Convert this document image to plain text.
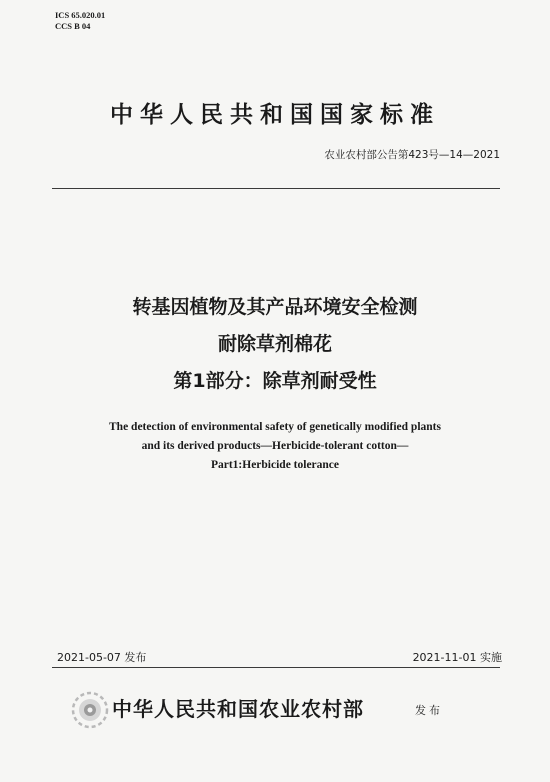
ICS 65.020.01
CCS B 04
中华人民共和国国家标准
农业农村部公告第423号—14—2021
转基因植物及其产品环境安全检测
耐除草剂棉花
第1部分：除草剂耐受性
The detection of environmental safety of genetically modified plants
and its derived products—Herbicide-tolerant cotton—
Part1:Herbicide tolerance
2021-05-07 发布	2021-11-01 实施
中华人民共和国农业农村部	发布
